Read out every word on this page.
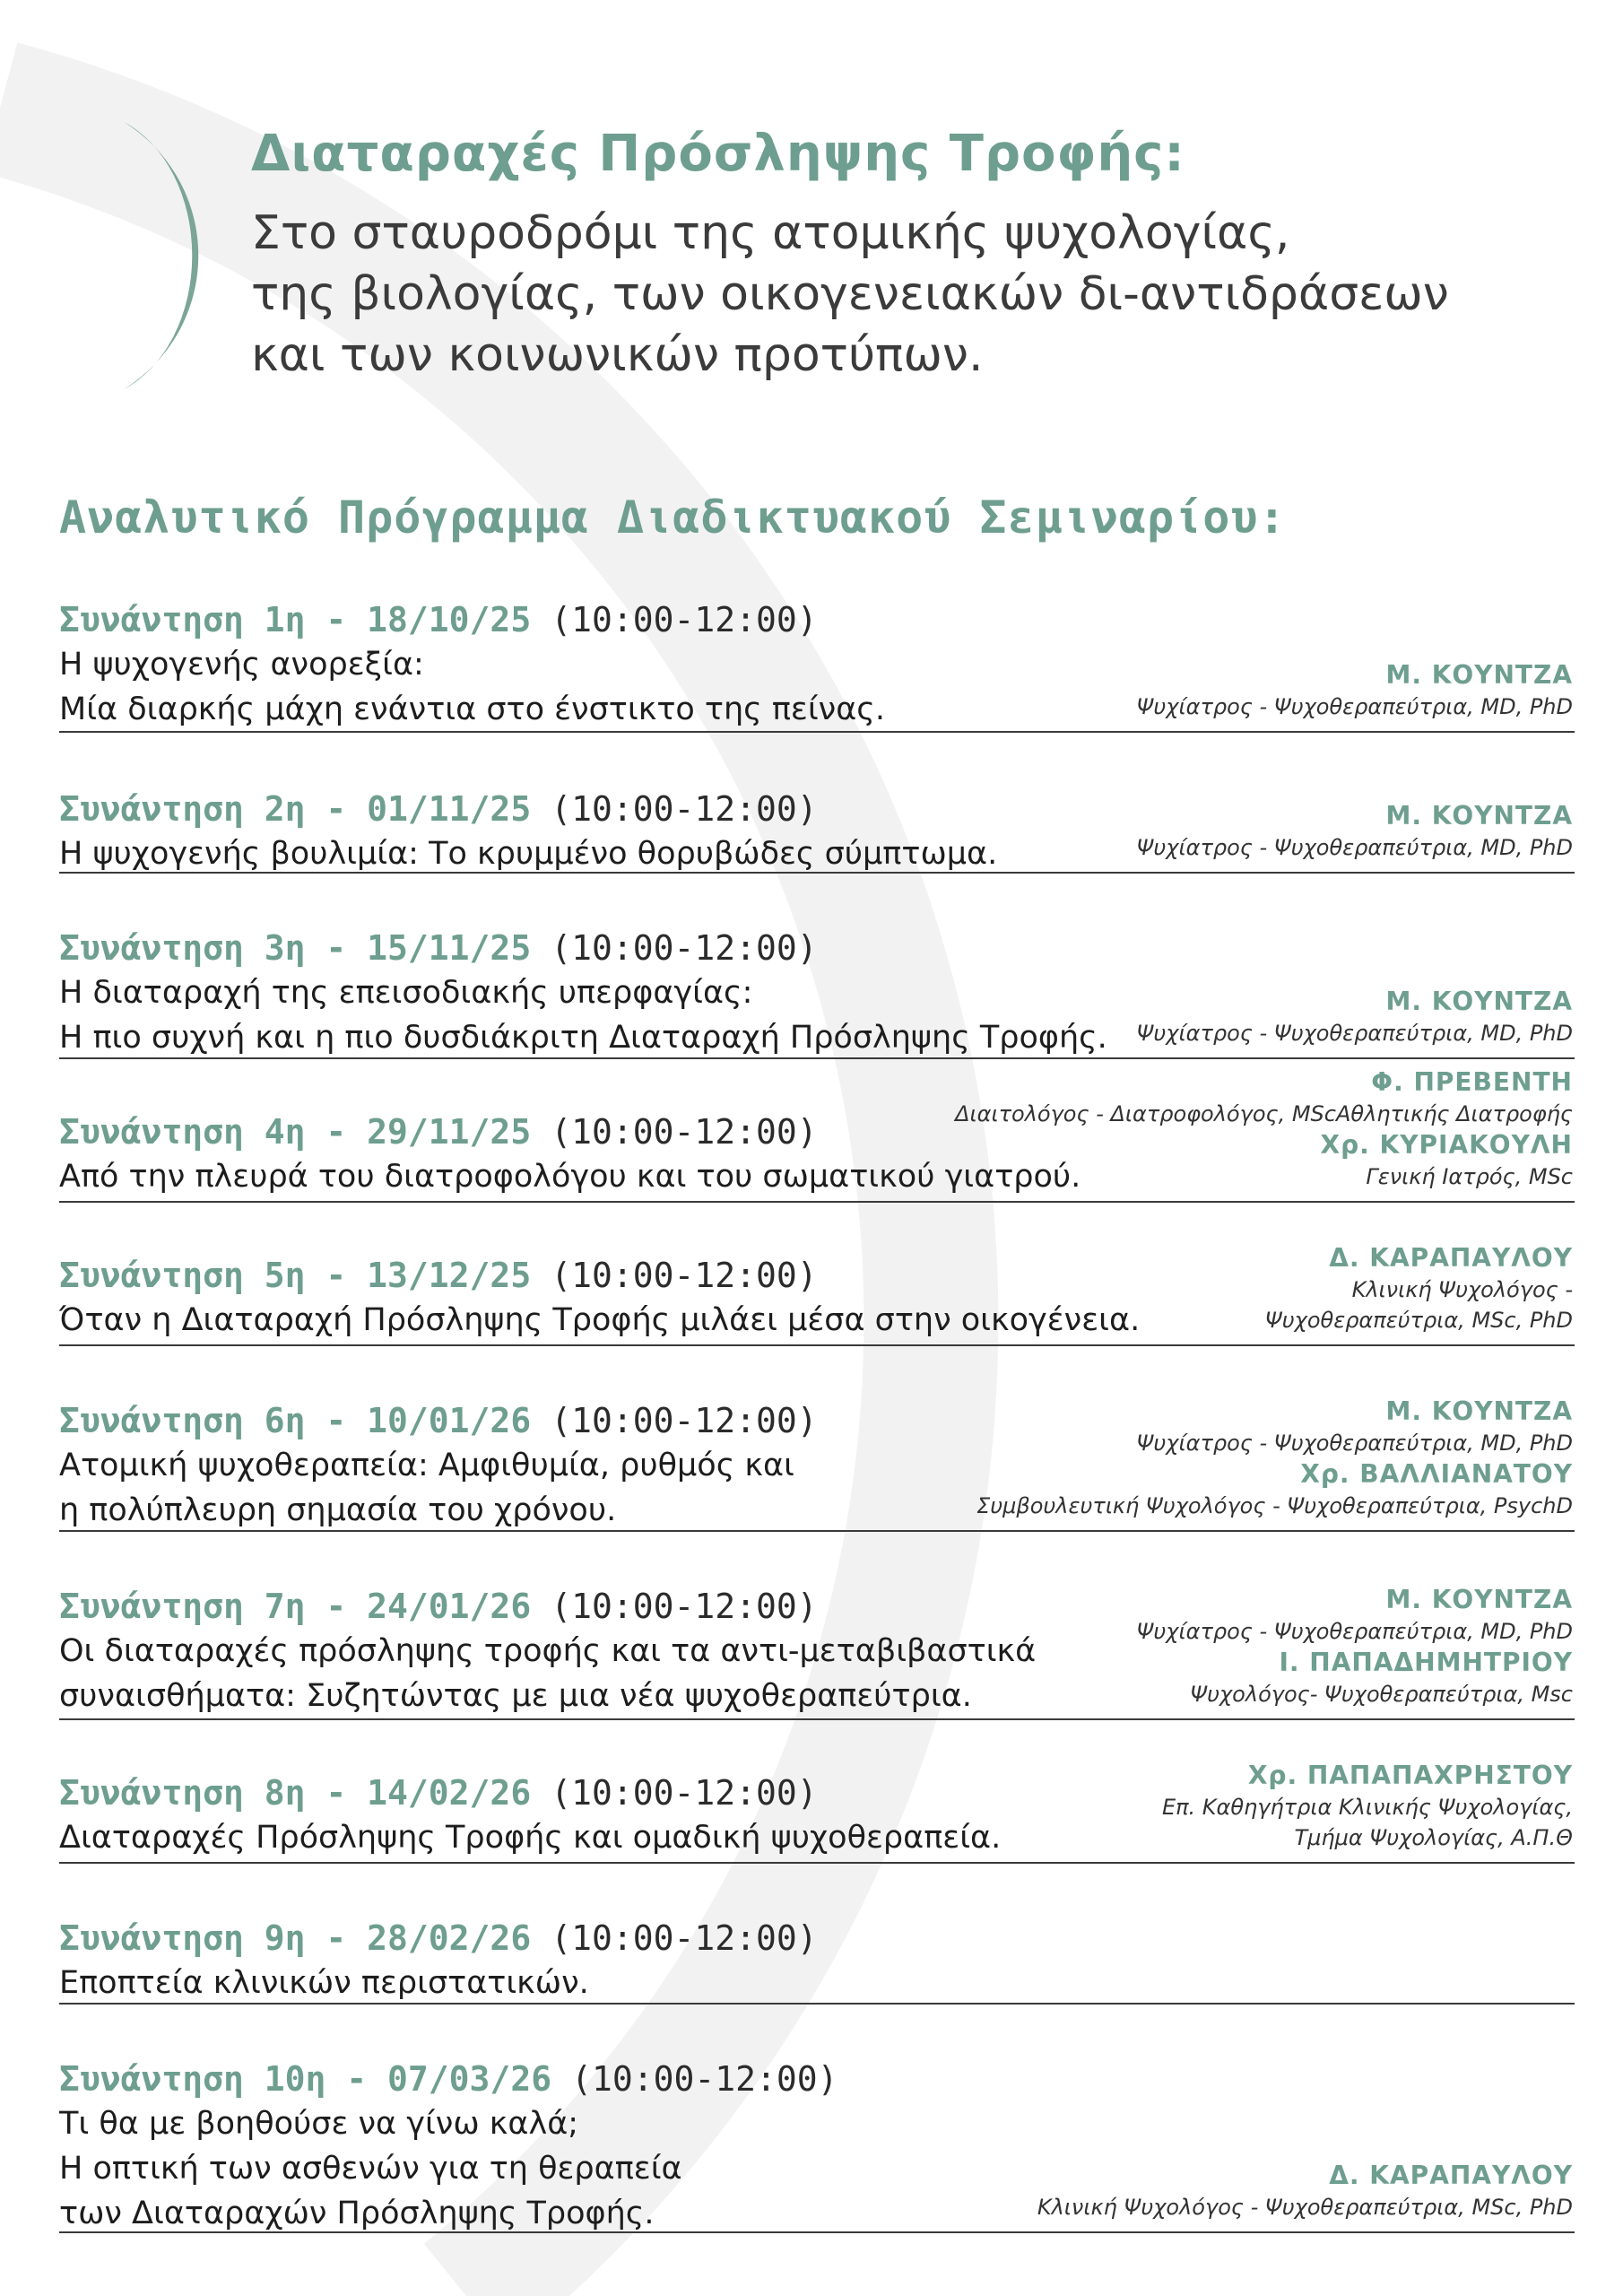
Διαταραχές Πρόσληψης Τροφής:

Στο σταυροδρόμι της ατομικής ψυχολογίας,

της βιολογίας, των οικογενειακών δι-αντιδράσεων

και των κοινωνικών προτύπων.

Αναλυτικό Πρόγραμμα Διαδικτυακού Σεμιναρίου:
Συνάντηση 1η - 18/10/25 (10:00-12:00)
Η ψυχογενής ανορεξία:
Μία διαρκής μάχη ενάντια στο ένστικτο της πείνας.
Μ. ΚΟΥΝΤΖΑ
Ψυχίατρος - Ψυχοθεραπεύτρια, MD, PhD
Συνάντηση 2η - 01/11/25 (10:00-12:00)
Η ψυχογενής βουλιμία: Το κρυμμένο θορυβώδες σύμπτωμα.
Μ. ΚΟΥΝΤΖΑ
Ψυχίατρος - Ψυχοθεραπεύτρια, MD, PhD
Συνάντηση 3η - 15/11/25 (10:00-12:00)
Η διαταραχή της επεισοδιακής υπερφαγίας:
Η πιο συχνή και η πιο δυσδιάκριτη Διαταραχή Πρόσληψης Τροφής.
Μ. ΚΟΥΝΤΖΑ
Ψυχίατρος - Ψυχοθεραπεύτρια, MD, PhD
Συνάντηση 4η - 29/11/25 (10:00-12:00)
Από την πλευρά του διατροφολόγου και του σωματικού γιατρού.
Φ. ΠΡΕΒΕΝΤΗ
Διαιτολόγος - Διατροφολόγος, MScΑθλητικής Διατροφής
Χρ. ΚΥΡΙΑΚΟΥΛΗ
Γενική Ιατρός, MSc
Συνάντηση 5η - 13/12/25 (10:00-12:00)
Όταν η Διαταραχή Πρόσληψης Τροφής μιλάει μέσα στην οικογένεια.
Δ. ΚΑΡΑΠΑΥΛΟΥ
Κλινική Ψυχολόγος -
Ψυχοθεραπεύτρια, MSc, PhD
Συνάντηση 6η - 10/01/26 (10:00-12:00)
Ατομική ψυχοθεραπεία: Αμφιθυμία, ρυθμός και
η πολύπλευρη σημασία του χρόνου.
Μ. ΚΟΥΝΤΖΑ
Ψυχίατρος - Ψυχοθεραπεύτρια, MD, PhD
Χρ. ΒΑΛΛΙΑΝΑΤΟΥ
Συμβουλευτική Ψυχολόγος - Ψυχοθεραπεύτρια, PsychD
Συνάντηση 7η - 24/01/26 (10:00-12:00)
Οι διαταραχές πρόσληψης τροφής και τα αντι-μεταβιβαστικά
συναισθήματα: Συζητώντας με μια νέα ψυχοθεραπεύτρια.
Μ. ΚΟΥΝΤΖΑ
Ψυχίατρος - Ψυχοθεραπεύτρια, MD, PhD
Ι. ΠΑΠΑΔΗΜΗΤΡΙΟΥ
Ψυχολόγος- Ψυχοθεραπεύτρια, Msc
Συνάντηση 8η - 14/02/26 (10:00-12:00)
Διαταραχές Πρόσληψης Τροφής και ομαδική ψυχοθεραπεία.
Χρ. ΠΑΠΑΠΑΧΡΗΣΤΟΥ
Επ. Καθηγήτρια Κλινικής Ψυχολογίας,
Τμήμα Ψυχολογίας, Α.Π.Θ
Συνάντηση 9η - 28/02/26 (10:00-12:00)
Εποπτεία κλινικών περιστατικών.
Συνάντηση 10η - 07/03/26 (10:00-12:00)
Τι θα με βοηθούσε να γίνω καλά;
Η οπτική των ασθενών για τη θεραπεία
των Διαταραχών Πρόσληψης Τροφής.
Δ. ΚΑΡΑΠΑΥΛΟΥ
Κλινική Ψυχολόγος - Ψυχοθεραπεύτρια, MSc, PhD
